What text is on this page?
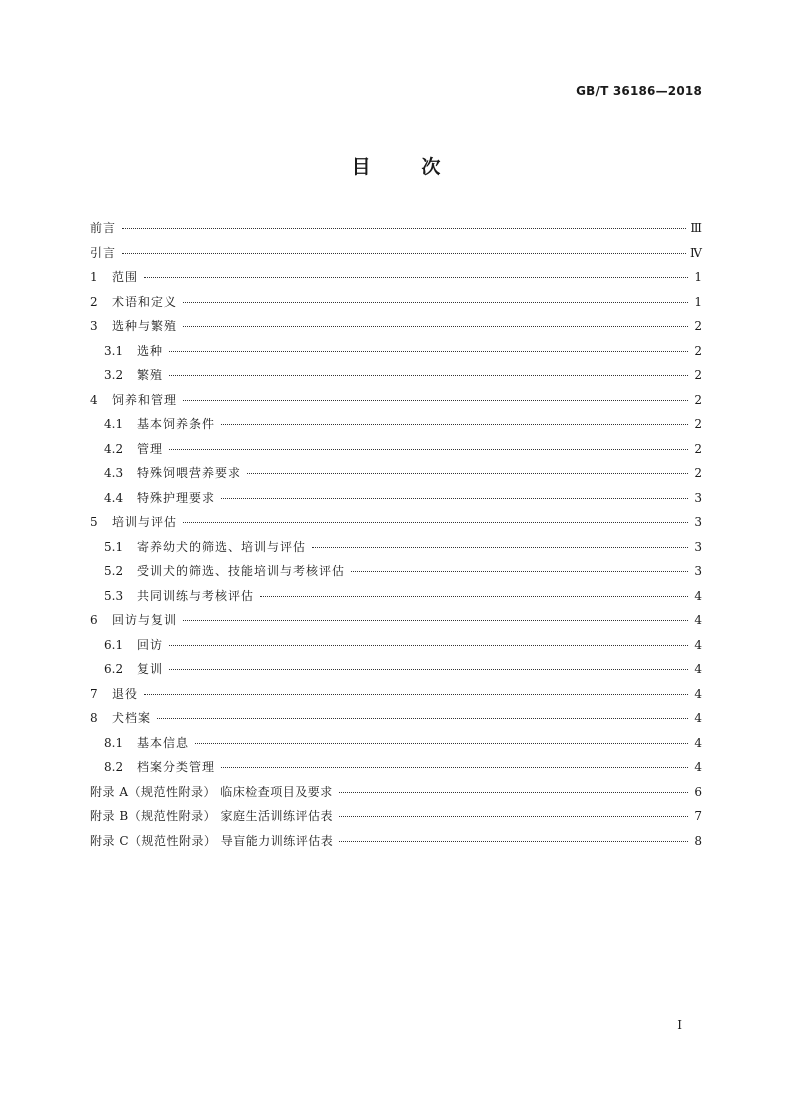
GB/T 36186—2018
目	次
前言	Ⅲ
引言	Ⅳ
1	范围	1
2	术语和定义	1
3	选种与繁殖	2
3.1	选种	2
3.2	繁殖	2
4	饲养和管理	2
4.1	基本饲养条件	2
4.2	管理	2
4.3	特殊饲喂营养要求	2
4.4	特殊护理要求	3
5	培训与评估	3
5.1	寄养幼犬的筛选、培训与评估	3
5.2	受训犬的筛选、技能培训与考核评估	3
5.3	共同训练与考核评估	4
6	回访与复训	4
6.1	回访	4
6.2	复训	4
7	退役	4
8	犬档案	4
8.1	基本信息	4
8.2	档案分类管理	4
附录 A（规范性附录） 临床检查项目及要求	6
附录 B（规范性附录） 家庭生活训练评估表	7
附录 C（规范性附录） 导盲能力训练评估表	8
I
